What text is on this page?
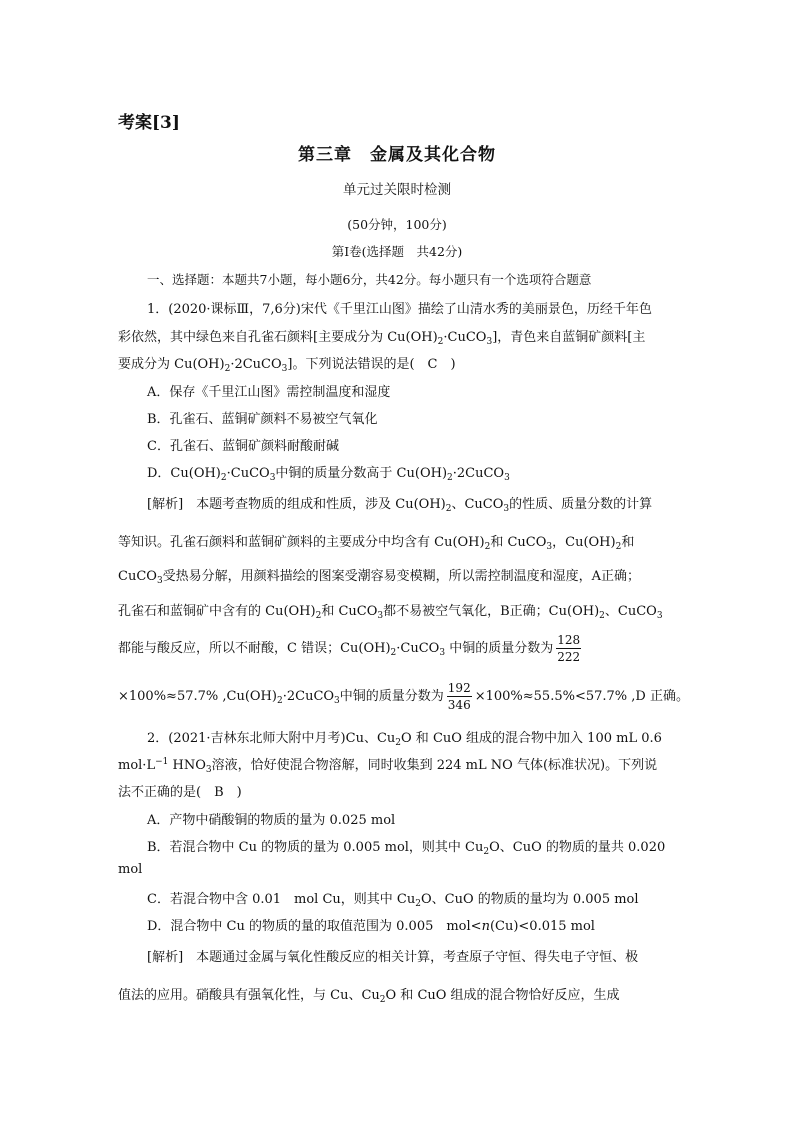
考案[3]
第三章　金属及其化合物
单元过关限时检测
(50分钟，100分)
第Ⅰ卷(选择题　共42分)
一、选择题：本题共7小题，每小题6分，共42分。每小题只有一个选项符合题意
1．(2020·课标Ⅲ，7,6分)宋代《千里江山图》描绘了山清水秀的美丽景色，历经千年色
彩依然，其中绿色来自孔雀石颜料[主要成分为 $Cu(OH)_2\cdot CuCO_3$]，青色来自蓝铜矿颜料[主
要成分为 $Cu(OH)_2\cdot 2CuCO_3$]。下列说法错误的是(　C　)
A．保存《千里江山图》需控制温度和湿度
B．孔雀石、蓝铜矿颜料不易被空气氧化
C．孔雀石、蓝铜矿颜料耐酸耐碱
D．$Cu(OH)_2\cdot CuCO_3$中铜的质量分数高于 $Cu(OH)_2\cdot 2CuCO_3$
[解析]　本题考查物质的组成和性质，涉及 $Cu(OH)_2$、CuCO$_3$的性质、质量分数的计算
等知识。孔雀石颜料和蓝铜矿颜料的主要成分中均含有 $Cu(OH)_2$和 CuCO$_3$，$Cu(OH)_2$和
CuCO$_3$受热易分解，用颜料描绘的图案受潮容易变模糊，所以需控制温度和湿度，A正确；
孔雀石和蓝铜矿中含有的 $Cu(OH)_2$和 CuCO$_3$都不易被空气氧化，B正确；$Cu(OH)_2$、CuCO$_3$
都能与酸反应，所以不耐酸，C 错误；$Cu(OH)_2\cdot CuCO_3$ 中铜的质量分数为 $\frac{128}{222}$
×100%≈57.7% $,Cu(OH)_2\cdot 2CuCO_3$中铜的质量分数为 $\frac{192}{346} \times 100\%\approx 55.5\%<57.7\%$ ,D 正确。
2．(2021·吉林东北师大附中月考)Cu、$Cu_2O$ 和 CuO 组成的混合物中加入 100 mL 0.6
$mol\cdot L^{-1}$ $HNO_3$溶液，恰好使混合物溶解，同时收集到 224 mL NO 气体(标准状况)。下列说
法不正确的是(　B　)
A．产物中硝酸铜的物质的量为 0.025 mol
B．若混合物中 Cu 的物质的量为 0.005 mol，则其中 $Cu_2O$、CuO 的物质的量共 0.020
mol
C．若混合物中含 0.01　mol Cu，则其中 $Cu_2O$、CuO 的物质的量均为 0.005 mol
D．混合物中 Cu 的物质的量的取值范围为 0.005　mol<n(Cu)<0.015 mol
[解析]　本题通过金属与氧化性酸反应的相关计算，考查原子守恒、得失电子守恒、极
值法的应用。硝酸具有强氧化性，与 Cu、$Cu_2O$ 和 CuO 组成的混合物恰好反应，生成
